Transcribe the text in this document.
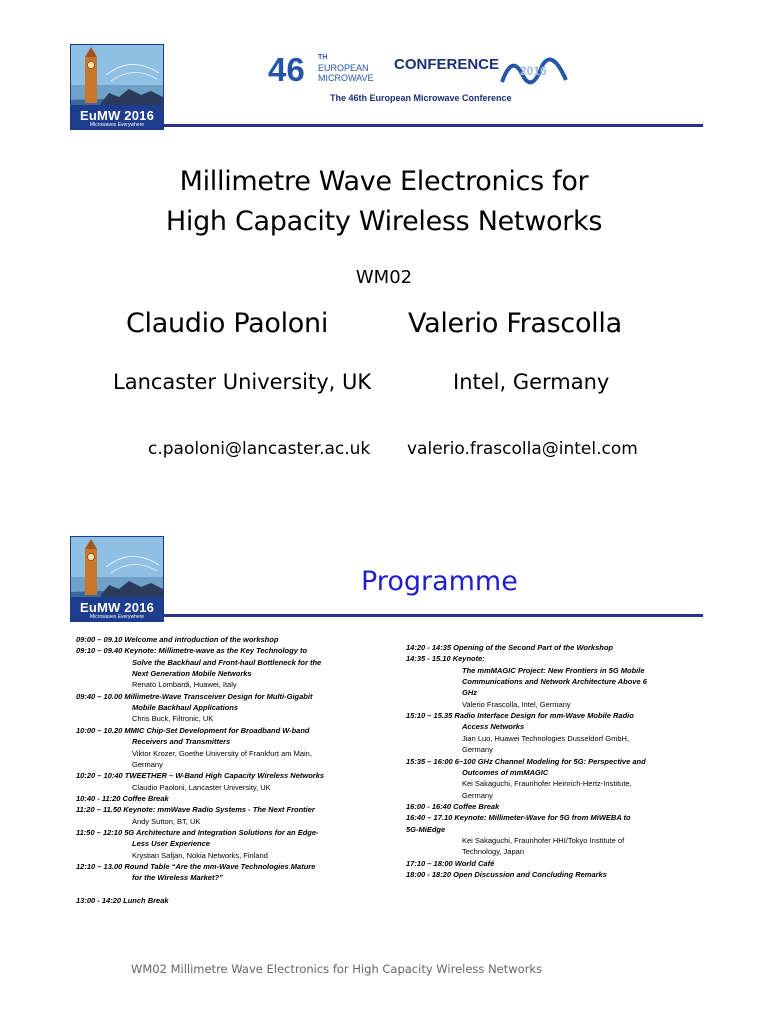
EuMW 2016
Microwaves Everywhere
46 TH
EUROPEAN
MICROWAVE
CONFERENCE 2016
The 46th European Microwave Conference
Millimetre Wave Electronics for
High Capacity Wireless Networks
WM02
Claudio Paoloni	Valerio Frascolla
Lancaster University, UK	Intel, Germany
c.paoloni@lancaster.ac.uk valerio.frascolla@intel.com
EuMW 2016
Microwaves Everywhere
Programme
09:00 – 09.10 Welcome and introduction of the workshop
09:10 – 09.40 Keynote: Millimetre-wave as the Key Technology to
Solve the Backhaul and Front-haul Bottleneck for the
Next Generation Mobile Networks
Renato Lombardi, Huawei, Italy
09:40 – 10.00 Millimetre-Wave Transceiver Design for Multi-Gigabit
Mobile Backhaul Applications
Chris Buck, Filtronic, UK
10:00 – 10.20 MMIC Chip-Set Development for Broadband W-band
Receivers and Transmitters
Viktor Krozer, Goethe University of Frankfurt am Main,
Germany
10:20 – 10:40 TWEETHER – W-Band High Capacity Wireless Networks
Claudio Paoloni, Lancaster University, UK
10:40 - 11:20 Coffee Break
11:20 – 11.50 Keynote: mmWave Radio Systems - The Next Frontier
Andy Sutton, BT, UK
11:50 – 12:10 5G Architecture and Integration Solutions for an Edge-
Less User Experience
Krystian Safjan, Nokia Networks, Finland
12:10 – 13.00 Round Table “Are the mm-Wave Technologies Mature
for the Wireless Market?”
13:00 - 14:20 Lunch Break
14:20 - 14:35 Opening of the Second Part of the Workshop
14:35 - 15.10 Keynote:
The mmMAGIC Project: New Frontiers in 5G Mobile
Communications and Network Architecture Above 6
GHz
Valerio Frascolla, Intel, Germany
15:10 – 15.35 Radio Interface Design for mm-Wave Mobile Radio
Access Networks
Jian Luo, Huawei Technologies Dusseldorf GmbH,
Germany
15:35 – 16:00 6–100 GHz Channel Modeling for 5G: Perspective and
Outcomes of mmMAGIC
Kei Sakaguchi, Fraunhofer Heinrich-Hertz-Institute,
Germany
16:00 - 16:40 Coffee Break
16:40 – 17.10 Keynote: Millimeter-Wave for 5G from MiWEBA to
5G-MiEdge
Kei Sakaguchi, Fraunhofer HHI/Tokyo Institute of
Technology, Japan
17:10 – 18:00 World Café
18:00 - 18:20 Open Discussion and Concluding Remarks
WM02 Millimetre Wave Electronics for High Capacity Wireless Networks
